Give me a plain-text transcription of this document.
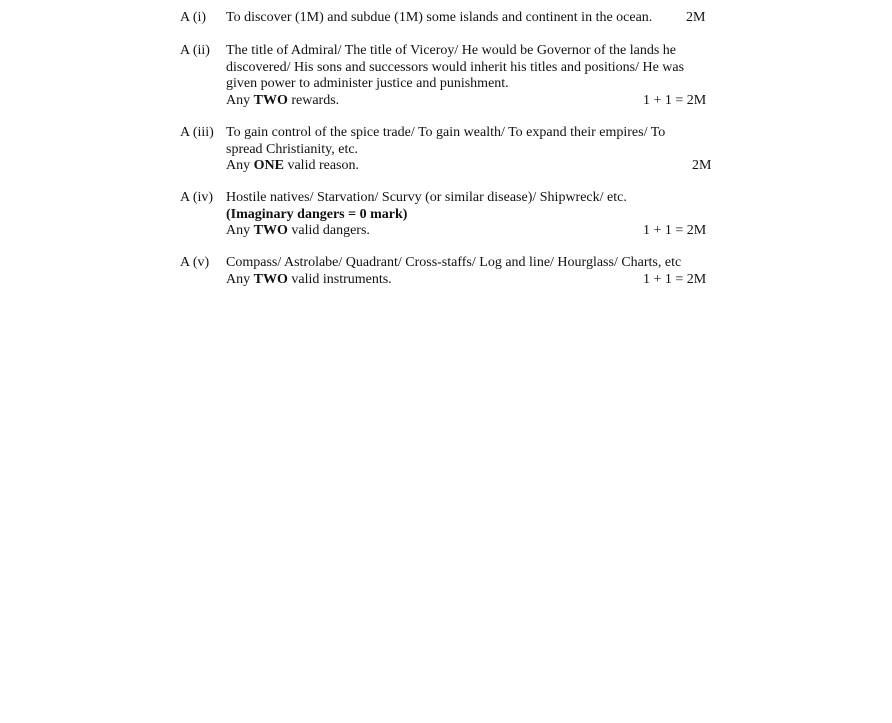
A (i)	To discover (1M) and subdue (1M) some islands and continent in the ocean. 2M
A (ii)	The title of Admiral/ The title of Viceroy/ He would be Governor of the lands he
discovered/ His sons and successors would inherit his titles and positions/ He was
given power to administer justice and punishment.
Any TWO rewards.	1 + 1 = 2M
A (iii) To gain control of the spice trade/ To gain wealth/ To expand their empires/ To
spread Christianity, etc.
Any ONE valid reason.	2M
A (iv) Hostile natives/ Starvation/ Scurvy (or similar disease)/ Shipwreck/ etc.
(Imaginary dangers = 0 mark)
Any TWO valid dangers.	1 + 1 = 2M
A (v)	Compass/ Astrolabe/ Quadrant/ Cross-staffs/ Log and line/ Hourglass/ Charts, etc
Any TWO valid instruments.	1 + 1 = 2M
